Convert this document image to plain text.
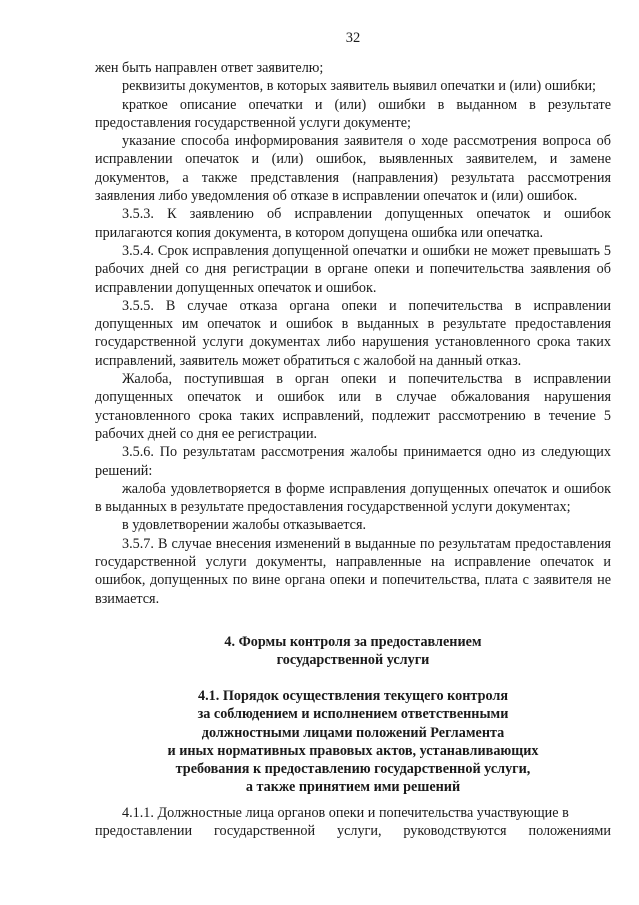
32

жен быть направлен ответ заявителю;

реквизиты документов, в которых заявитель выявил опечатки и (или) ошибки;

краткое описание опечатки и (или) ошибки в выданном в результате предоставления государственной услуги документе;

указание способа информирования заявителя о ходе рассмотрения вопроса об исправлении опечаток и (или) ошибок, выявленных заявителем, и замене документов, а также представления (направления) результата рассмотрения заявления либо уведомления об отказе в исправлении опечаток и (или) ошибок.

3.5.3. К заявлению об исправлении допущенных опечаток и ошибок прилагаются копия документа, в котором допущена ошибка или опечатка.

3.5.4. Срок исправления допущенной опечатки и ошибки не может превышать 5 рабочих дней со дня регистрации в органе опеки и попечительства заявления об исправлении допущенных опечаток и ошибок.

3.5.5. В случае отказа органа опеки и попечительства в исправлении допущенных им опечаток и ошибок в выданных в результате предоставления государственной услуги документах либо нарушения установленного срока таких исправлений, заявитель может обратиться с жалобой на данный отказ.

Жалоба, поступившая в орган опеки и попечительства в исправлении допущенных опечаток и ошибок или в случае обжалования нарушения установленного срока таких исправлений, подлежит рассмотрению в течение 5 рабочих дней со дня ее регистрации.

3.5.6. По результатам рассмотрения жалобы принимается одно из следующих решений:

жалоба удовлетворяется в форме исправления допущенных опечаток и ошибок в выданных в результате предоставления государственной услуги документах;

в удовлетворении жалобы отказывается.

3.5.7. В случае внесения изменений в выданные по результатам предоставления государственной услуги документы, направленные на исправление опечаток и ошибок, допущенных по вине органа опеки и попечительства, плата с заявителя не взимается.

4. Формы контроля за предоставлением
государственной услуги
4.1. Порядок осуществления текущего контроля
за соблюдением и исполнением ответственными
должностными лицами положений Регламента
и иных нормативных правовых актов, устанавливающих
требования к предоставлению государственной услуги,
а также принятием ими решений

4.1.1. Должностные лица органов опеки и попечительства участвующие в

предоставлении государственной услуги, руководствуются положениями
